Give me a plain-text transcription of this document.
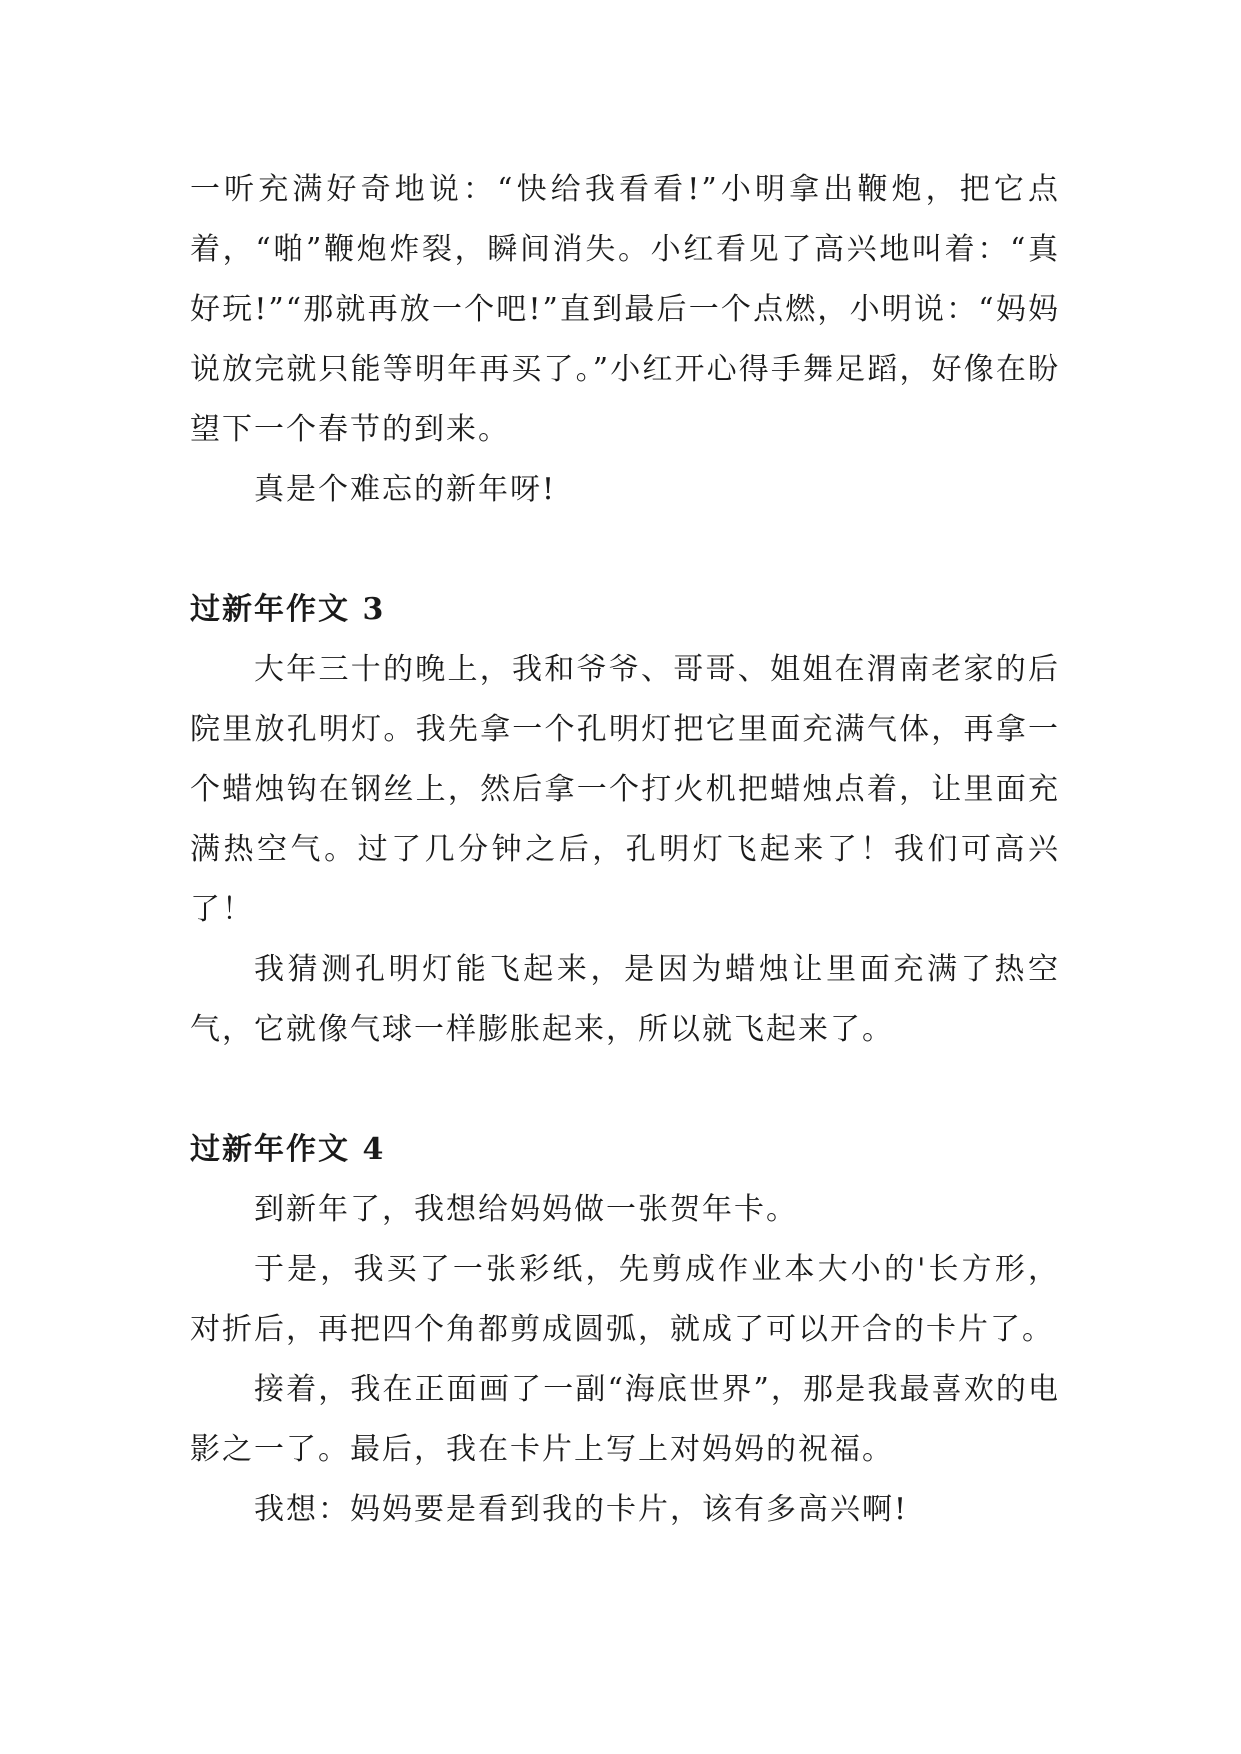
一听充满好奇地说：“快给我看看!”小明拿出鞭炮，把它点着，“啪”鞭炮炸裂，瞬间消失。小红看见了高兴地叫着：“真好玩!”“那就再放一个吧!”直到最后一个点燃，小明说：“妈妈说放完就只能等明年再买了。”小红开心得手舞足蹈，好像在盼望下一个春节的到来。

真是个难忘的新年呀!

过新年作文 3

大年三十的晚上，我和爷爷、哥哥、姐姐在渭南老家的后院里放孔明灯。我先拿一个孔明灯把它里面充满气体，再拿一个蜡烛钩在钢丝上，然后拿一个打火机把蜡烛点着，让里面充满热空气。过了几分钟之后，孔明灯飞起来了！我们可高兴了！

我猜测孔明灯能飞起来，是因为蜡烛让里面充满了热空气，它就像气球一样膨胀起来，所以就飞起来了。

过新年作文 4

到新年了，我想给妈妈做一张贺年卡。

于是，我买了一张彩纸，先剪成作业本大小的'长方形，对折后，再把四个角都剪成圆弧，就成了可以开合的卡片了。

接着，我在正面画了一副“海底世界”，那是我最喜欢的电影之一了。最后，我在卡片上写上对妈妈的祝福。

我想：妈妈要是看到我的卡片，该有多高兴啊!
